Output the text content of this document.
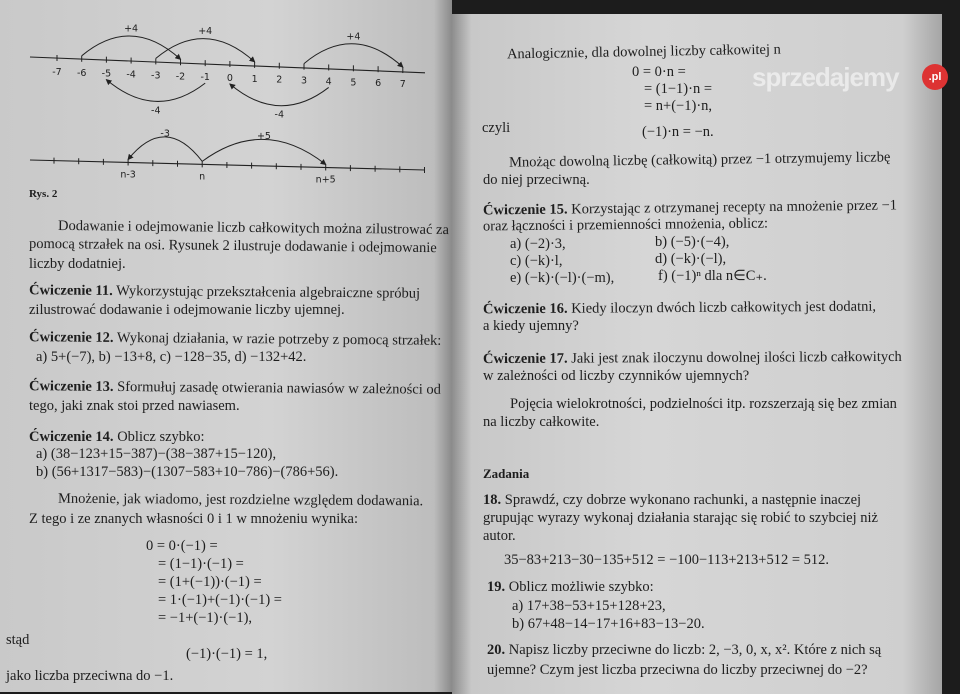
-7 -6 -5 -4 -3 -2 -1 0 1 2 3 4 5 6 7
+4	+4	+4
-4	-4
n-3	n	n+5
-3	+5
Rys. 2
Dodawanie i odejmowanie liczb całkowitych można zilustrować za
pomocą strzałek na osi. Rysunek 2 ilustruje dodawanie i odejmowanie
liczby dodatniej.
Ćwiczenie 11. Wykorzystując przekształcenia algebraiczne spróbuj
zilustrować dodawanie i odejmowanie liczby ujemnej.
Ćwiczenie 12. Wykonaj działania, w razie potrzeby z pomocą strzałek:
a) 5+(−7), b) −13+8, c) −128−35, d) −132+42.
Ćwiczenie 13. Sformułuj zasadę otwierania nawiasów w zależności od
tego, jaki znak stoi przed nawiasem.
Ćwiczenie 14. Oblicz szybko:
a) (38−123+15−387)−(38−387+15−120),
b) (56+1317−583)−(1307−583+10−786)−(786+56).
Mnożenie, jak wiadomo, jest rozdzielne względem dodawania.
Z tego i ze znanych własności 0 i 1 w mnożeniu wynika:
0 = 0·(−1) =
= (1−1)·(−1) =
= (1+(−1))·(−1) =
= 1·(−1)+(−1)·(−1) =
= −1+(−1)·(−1),
stąd
(−1)·(−1) = 1,
jako liczba przeciwna do −1.
Analogicznie, dla dowolnej liczby całkowitej n
0 = 0·n =
= (1−1)·n =
= n+(−1)·n,
czyli	(−1)·n = −n.
Mnożąc dowolną liczbę (całkowitą) przez −1 otrzymujemy liczbę
do niej przeciwną.
Ćwiczenie 15. Korzystając z otrzymanej recepty na mnożenie przez −1
oraz łączności i przemienności mnożenia, oblicz:
a) (−2)·3,	b) (−5)·(−4),
c) (−k)·l,	d) (−k)·(−l),
e) (−k)·(−l)·(−m),	f) (−1)ⁿ dla n∈C₊.
Ćwiczenie 16. Kiedy iloczyn dwóch liczb całkowitych jest dodatni,
a kiedy ujemny?
Ćwiczenie 17. Jaki jest znak iloczynu dowolnej ilości liczb całkowitych
w zależności od liczby czynników ujemnych?
Pojęcia wielokrotności, podzielności itp. rozszerzają się bez zmian
na liczby całkowite.
Zadania
18. Sprawdź, czy dobrze wykonano rachunki, a następnie inaczej
grupując wyrazy wykonaj działania starając się robić to szybciej niż
autor.
35−83+213−30−135+512 = −100−113+213+512 = 512.
19. Oblicz możliwie szybko:
a) 17+38−53+15+128+23,
b) 67+48−14−17+16+83−13−20.
20. Napisz liczby przeciwne do liczb: 2, −3, 0, x, x². Które z nich są
ujemne? Czym jest liczba przeciwna do liczby przeciwnej do −2?
sprzedajemy	.pl
